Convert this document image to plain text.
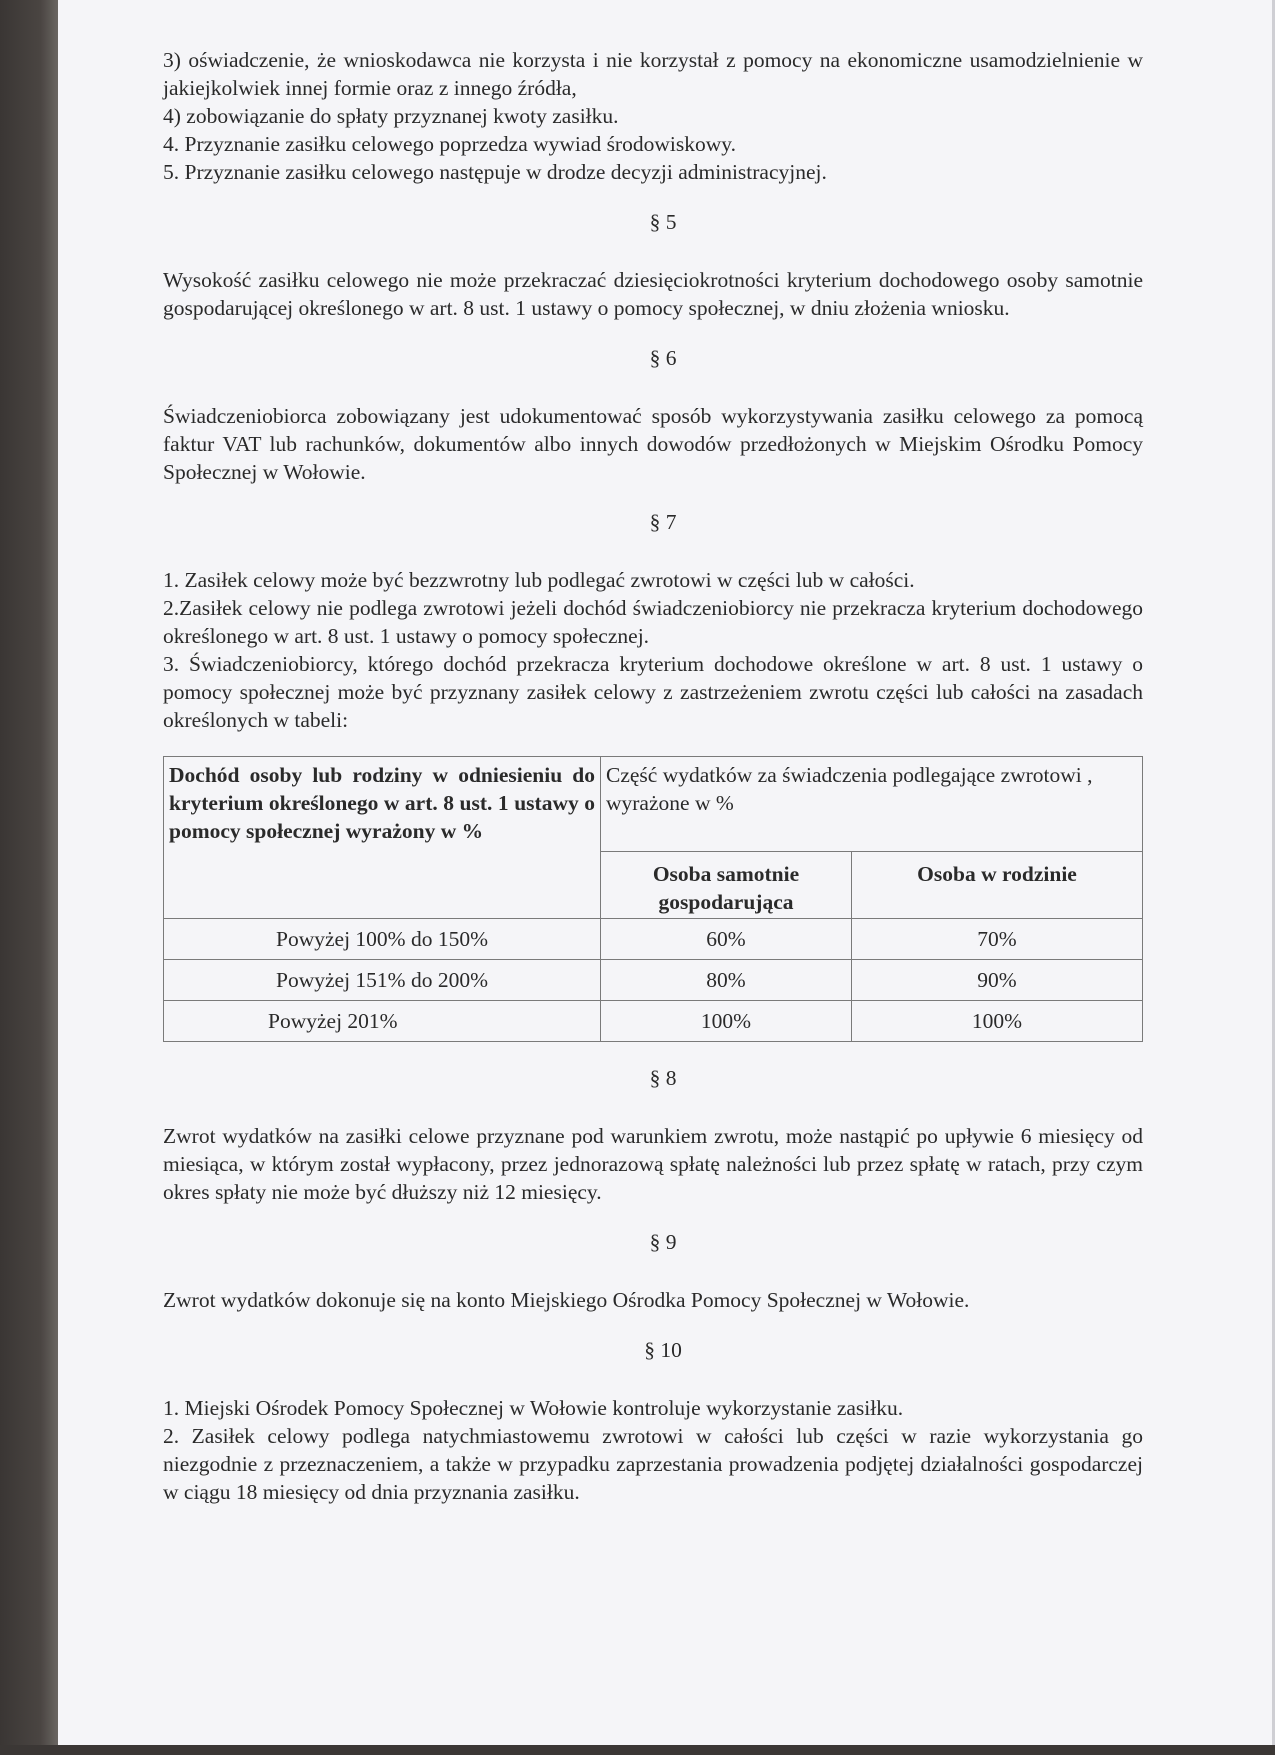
3) oświadczenie, że wnioskodawca nie korzysta i nie korzystał z pomocy na ekonomiczne usamodzielnienie w jakiejkolwiek innej formie oraz z innego źródła,

4) zobowiązanie do spłaty przyznanej kwoty zasiłku.

4. Przyznanie zasiłku celowego poprzedza wywiad środowiskowy.

5. Przyznanie zasiłku celowego następuje w drodze decyzji administracyjnej.

§ 5

Wysokość zasiłku celowego nie może przekraczać dziesięciokrotności kryterium dochodowego osoby samotnie gospodarującej określonego w art. 8 ust. 1 ustawy o pomocy społecznej, w dniu złożenia wniosku.

§ 6

Świadczeniobiorca zobowiązany jest udokumentować sposób wykorzystywania zasiłku celowego za pomocą faktur VAT lub rachunków, dokumentów albo innych dowodów przedłożonych w Miejskim Ośrodku Pomocy Społecznej w Wołowie.

§ 7

1. Zasiłek celowy może być bezzwrotny lub podlegać zwrotowi w części lub w całości.

2.Zasiłek celowy nie podlega zwrotowi jeżeli dochód świadczeniobiorcy nie przekracza kryterium dochodowego określonego w art. 8 ust. 1 ustawy o pomocy społecznej.

3. Świadczeniobiorcy, którego dochód przekracza kryterium dochodowe określone w art. 8 ust. 1 ustawy o pomocy społecznej może być przyznany zasiłek celowy z zastrzeżeniem zwrotu części lub całości na zasadach określonych w tabeli:

Dochód osoby lub rodziny w odniesieniu do kryterium określonego w art. 8 ust. 1 ustawy o pomocy społecznej wyrażony w %	Część wydatków za świadczenia podlegające zwrotowi , wyrażone w %	
	Osoba samotnie gospodarująca	Osoba w rodzinie
Powyżej 100% do 150%	60%	70%
Powyżej 151% do 200%	80%	90%
Powyżej 201%	100%	100%

§ 8

Zwrot wydatków na zasiłki celowe przyznane pod warunkiem zwrotu, może nastąpić po upływie 6 miesięcy od miesiąca, w którym został wypłacony, przez jednorazową spłatę należności lub przez spłatę w ratach, przy czym okres spłaty nie może być dłuższy niż 12 miesięcy.

§ 9

Zwrot wydatków dokonuje się na konto Miejskiego Ośrodka Pomocy Społecznej w Wołowie.

§ 10

1. Miejski Ośrodek Pomocy Społecznej w Wołowie kontroluje wykorzystanie zasiłku.

2. Zasiłek celowy podlega natychmiastowemu zwrotowi w całości lub części w razie wykorzystania go niezgodnie z przeznaczeniem, a także w przypadku zaprzestania prowadzenia podjętej działalności gospodarczej w ciągu 18 miesięcy od dnia przyznania zasiłku.
